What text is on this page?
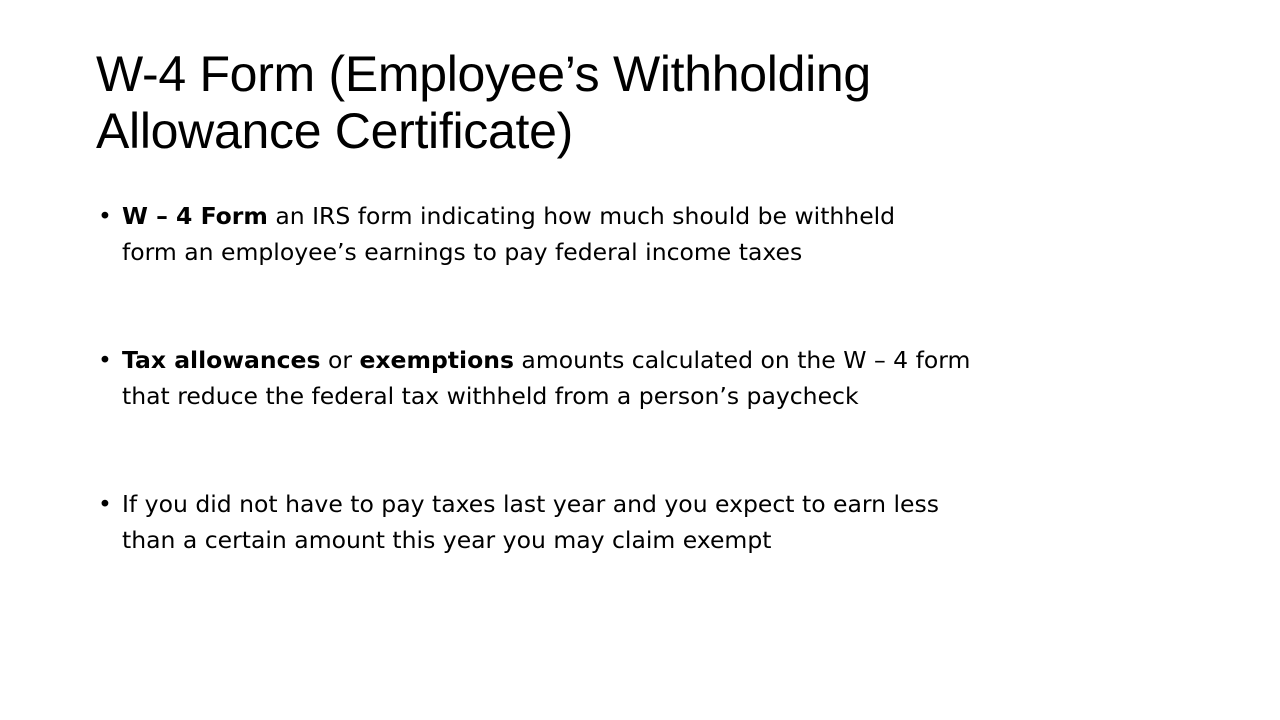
W-4 Form (Employee’s Withholding
Allowance Certificate)
• W – 4 Form an IRS form indicating how much should be withheld
form an employee’s earnings to pay federal income taxes
• Tax allowances or exemptions amounts calculated on the W – 4 form
that reduce the federal tax withheld from a person’s paycheck
• If you did not have to pay taxes last year and you expect to earn less
than a certain amount this year you may claim exempt
